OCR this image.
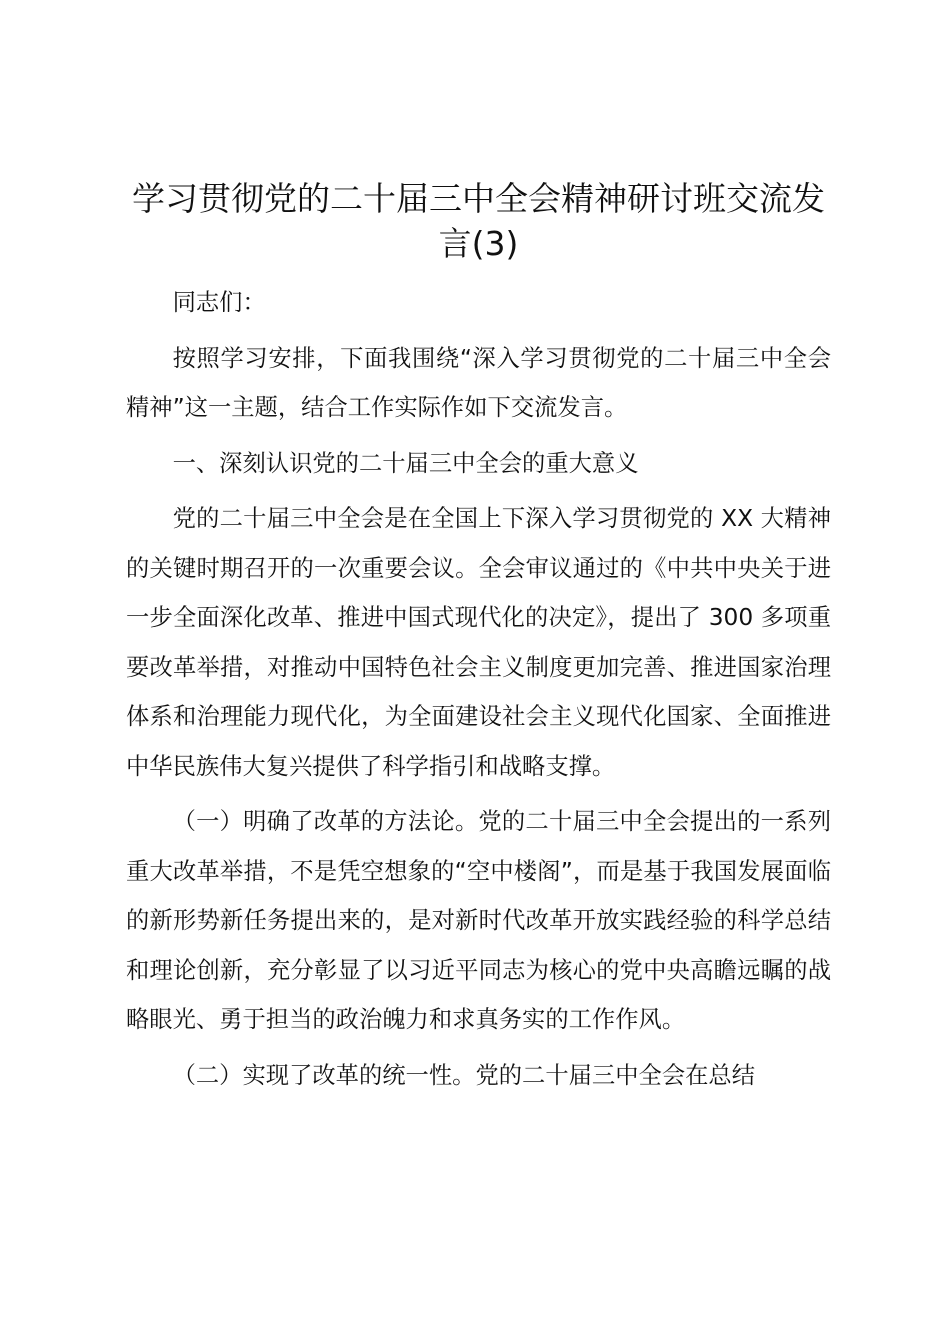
学习贯彻党的二十届三中全会精神研讨班交流发言(3)

同志们：

按照学习安排，下面我围绕“深入学习贯彻党的二十届三中全会精神”这一主题，结合工作实际作如下交流发言。

一、深刻认识党的二十届三中全会的重大意义

党的二十届三中全会是在全国上下深入学习贯彻党的 XX 大精神的关键时期召开的一次重要会议。全会审议通过的《中共中央关于进一步全面深化改革、推进中国式现代化的决定》，提出了 300 多项重要改革举措，对推动中国特色社会主义制度更加完善、推进国家治理体系和治理能力现代化，为全面建设社会主义现代化国家、全面推进中华民族伟大复兴提供了科学指引和战略支撑。

（一）明确了改革的方法论。党的二十届三中全会提出的一系列重大改革举措，不是凭空想象的“空中楼阁”，而是基于我国发展面临的新形势新任务提出来的，是对新时代改革开放实践经验的科学总结和理论创新，充分彰显了以习近平同志为核心的党中央高瞻远瞩的战略眼光、勇于担当的政治魄力和求真务实的工作作风。

（二）实现了改革的统一性。党的二十届三中全会在总结
